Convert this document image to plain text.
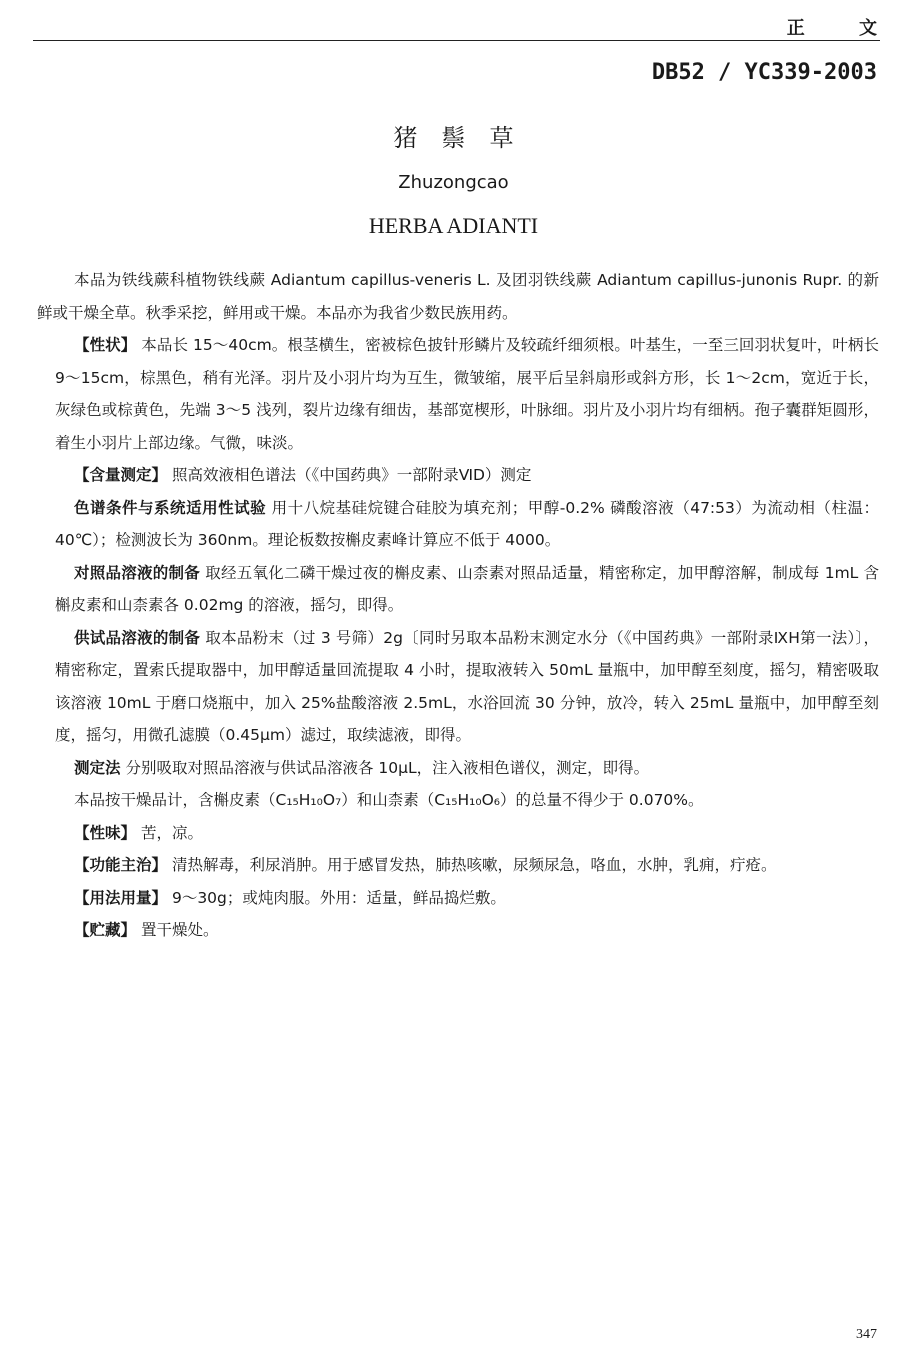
正 文
DB52 / YC339-2003
猪鬃草
Zhuzongcao
HERBA ADIANTI

本品为铁线蕨科植物铁线蕨 Adiantum capillus-veneris L. 及团羽铁线蕨 Adiantum capillus-junonis Rupr. 的新鲜或干燥全草。秋季采挖，鲜用或干燥。本品亦为我省少数民族用药。

【性状】 本品长 15～40cm。根茎横生，密被棕色披针形鳞片及较疏纤细须根。叶基生，一至三回羽状复叶，叶柄长 9～15cm，棕黑色，稍有光泽。羽片及小羽片均为互生，微皱缩，展平后呈斜扇形或斜方形，长 1～2cm，宽近于长，灰绿色或棕黄色，先端 3～5 浅列，裂片边缘有细齿，基部宽楔形，叶脉细。羽片及小羽片均有细柄。孢子囊群矩圆形，着生小羽片上部边缘。气微，味淡。

【含量测定】 照高效液相色谱法（《中国药典》一部附录ⅥD）测定

色谱条件与系统适用性试验 用十八烷基硅烷键合硅胶为填充剂；甲醇-0.2% 磷酸溶液（47:53）为流动相（柱温：40℃）；检测波长为 360nm。理论板数按槲皮素峰计算应不低于 4000。

对照品溶液的制备 取经五氧化二磷干燥过夜的槲皮素、山柰素对照品适量，精密称定，加甲醇溶解，制成每 1mL 含槲皮素和山柰素各 0.02mg 的溶液，摇匀，即得。

供试品溶液的制备 取本品粉末（过 3 号筛）2g〔同时另取本品粉末测定水分（《中国药典》一部附录ⅨH第一法）〕，精密称定，置索氏提取器中，加甲醇适量回流提取 4 小时，提取液转入 50mL 量瓶中，加甲醇至刻度，摇匀，精密吸取该溶液 10mL 于磨口烧瓶中，加入 25%盐酸溶液 2.5mL，水浴回流 30 分钟，放冷，转入 25mL 量瓶中，加甲醇至刻度，摇匀，用微孔滤膜（0.45μm）滤过，取续滤液，即得。

测定法 分别吸取对照品溶液与供试品溶液各 10μL，注入液相色谱仪，测定，即得。

本品按干燥品计，含槲皮素（C₁₅H₁₀O₇）和山柰素（C₁₅H₁₀O₆）的总量不得少于 0.070%。

【性味】 苦，凉。

【功能主治】 清热解毒，利尿消肿。用于感冒发热，肺热咳嗽，尿频尿急，咯血，水肿，乳痈，疔疮。

【用法用量】 9～30g；或炖肉服。外用：适量，鲜品捣烂敷。

【贮藏】 置干燥处。

347
